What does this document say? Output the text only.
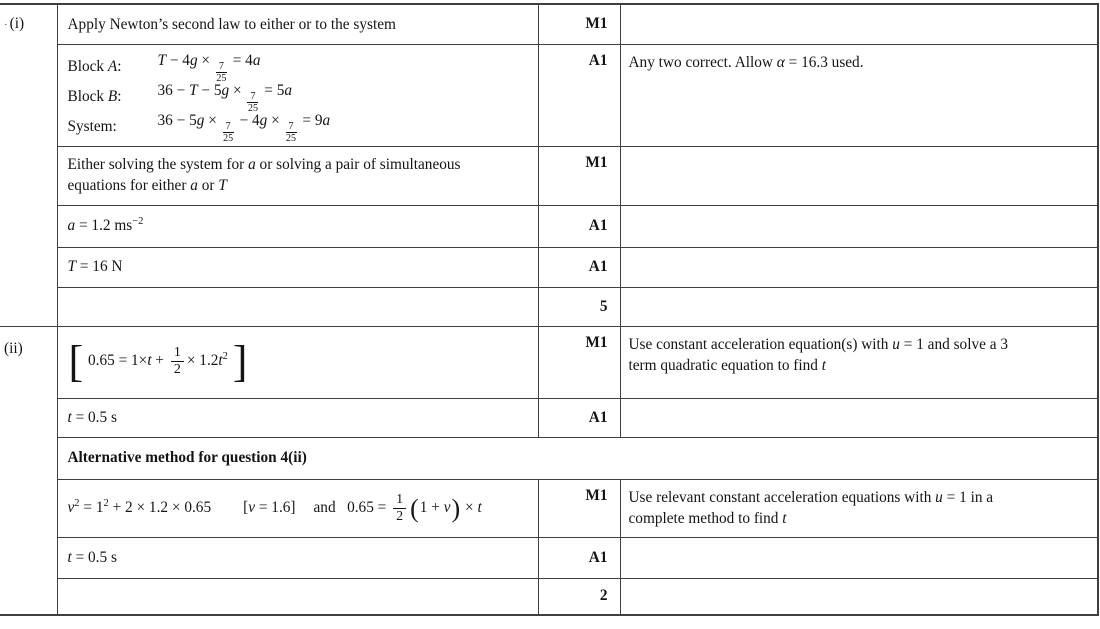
· (i)	Apply Newton’s second law to either or to the system	M1	

Block A:	T − 4g ×
$\frac{7}{25}$
= 4a
Block B:	36 − T − 5g ×
$\frac{7}{25}$
= 5a
System:	36 − 5g ×
$\frac{7}{25}$
− 4g ×
$\frac{7}{25}$
= 9a
	A1	Any two correct. Allow α = 16.3 used.

	Either solving the system for a or solving a pair of simultaneous
equations for either a or T	M1	

	a = 1.2 $ms^{-2}$	A1	

	T = 16 N	A1	
		5	
(ii)	[ $0.65 = 1\times t + \frac{1}{2} \times 1.2t^2$ ]	M1	Use constant acceleration equation(s) with u = 1 and solve a 3
term quadratic equation to find t

	t = 0.5 s	A1	

	Alternative method for question 4(ii)		

$v^2 = 1^2 + 2 \times 1.2 \times 0.65$ [v = 1.6] and  $0.65 = \frac{1}{2} (1 + v) \times t$
	M1	Use relevant constant acceleration equations with u = 1 in a
complete method to find t

	t = 0.5 s	A1	
		2	
